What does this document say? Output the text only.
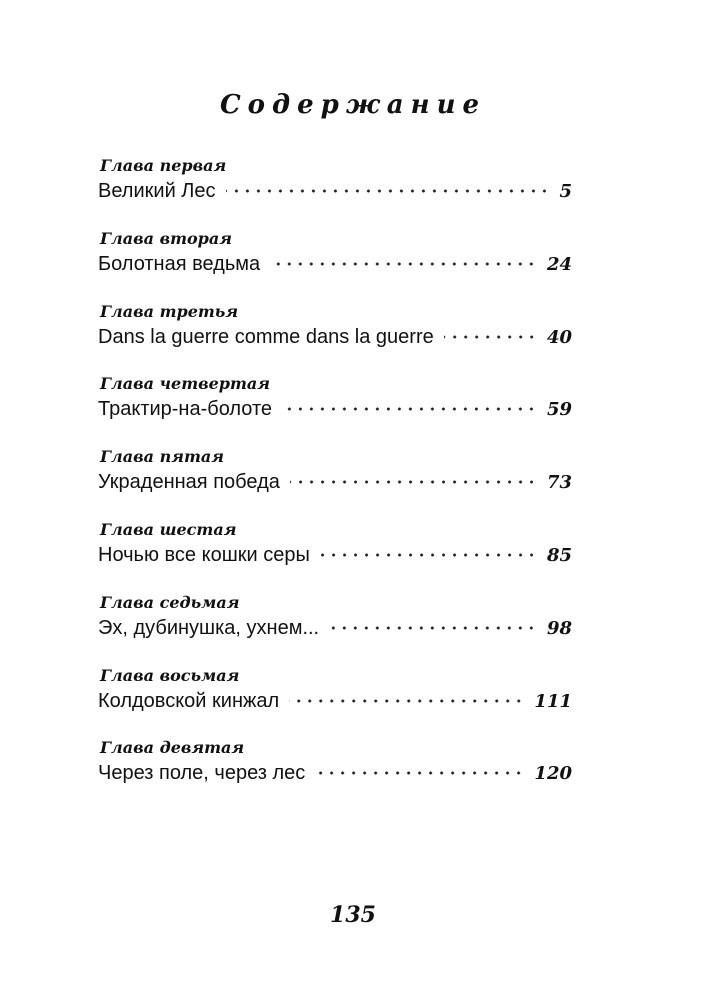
Содержание
Глава первая
Великий Лес	5
Глава вторая
Болотная ведьма	24
Глава третья
Dans la guerre comme dans la guerre	40
Глава четвертая
Трактир-на-болоте	59
Глава пятая
Украденная победа	73
Глава шестая
Ночью все кошки серы	85
Глава седьмая
Эх, дубинушка, ухнем...	98
Глава восьмая
Колдовской кинжал	111
Глава девятая
Через поле, через лес	120
135
